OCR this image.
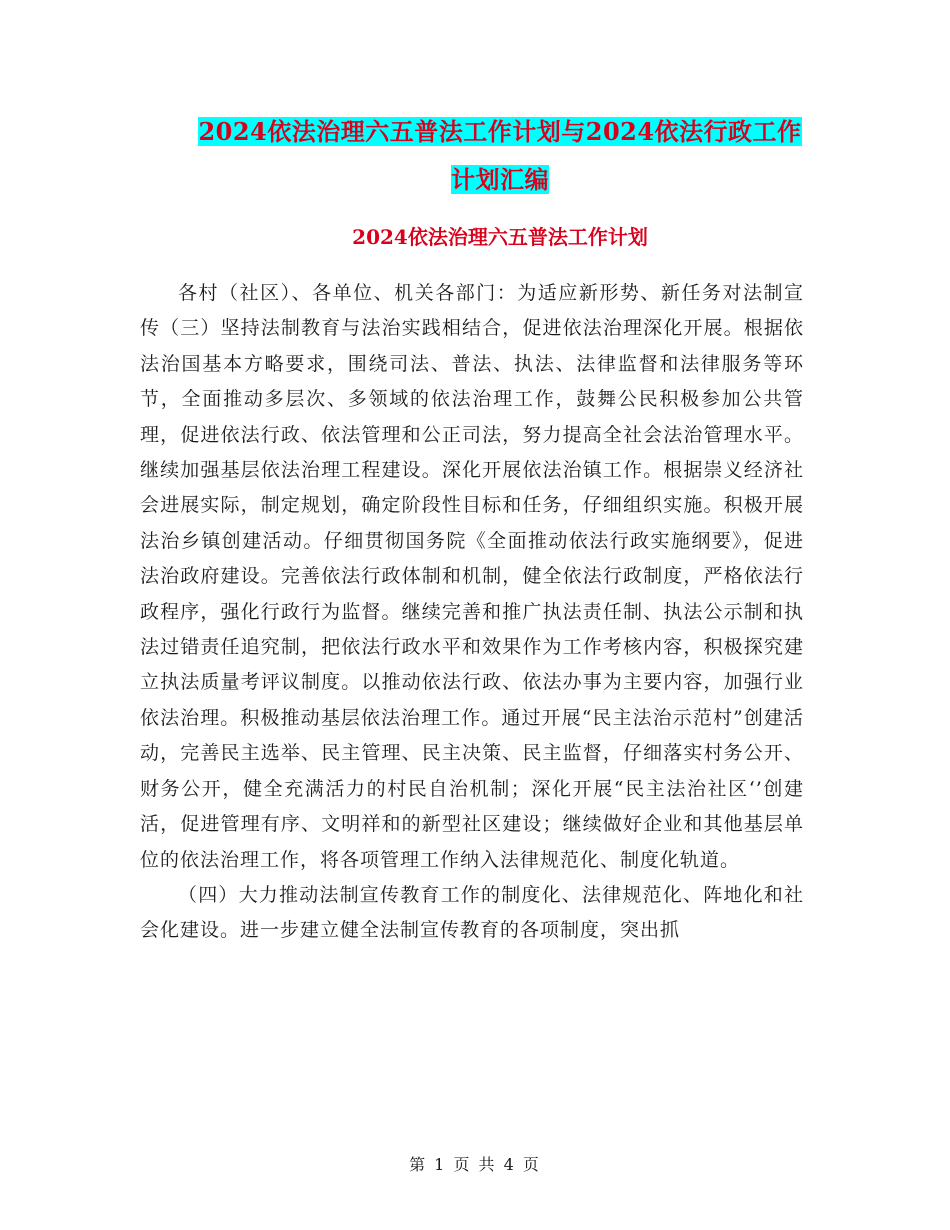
2024依法治理六五普法工作计划与2024依法行政工作
计划汇编
2024依法治理六五普法工作计划

各村（社区）、各单位、机关各部门：为适应新形势、新任务对法制宣传（三）坚持法制教育与法治实践相结合，促进依法治理深化开展。根据依法治国基本方略要求，围绕司法、普法、执法、法律监督和法律服务等环节，全面推动多层次、多领域的依法治理工作，鼓舞公民积极参加公共管理，促进依法行政、依法管理和公正司法，努力提高全社会法治管理水平。继续加强基层依法治理工程建设。深化开展依法治镇工作。根据崇义经济社会进展实际，制定规划，确定阶段性目标和任务，仔细组织实施。积极开展法治乡镇创建活动。仔细贯彻国务院《全面推动依法行政实施纲要》，促进法治政府建设。完善依法行政体制和机制，健全依法行政制度，严格依法行政程序，强化行政行为监督。继续完善和推广执法责任制、执法公示制和执法过错责任追究制，把依法行政水平和效果作为工作考核内容，积极探究建立执法质量考评议制度。以推动依法行政、依法办事为主要内容，加强行业依法治理。积极推动基层依法治理工作。通过开展“民主法治示范村”创建活动，完善民主选举、民主管理、民主决策、民主监督，仔细落实村务公开、财务公开，健全充满活力的村民自治机制；深化开展“民主法治社区‘’创建活，促进管理有序、文明祥和的新型社区建设；继续做好企业和其他基层单位的依法治理工作，将各项管理工作纳入法律规范化、制度化轨道。

（四）大力推动法制宣传教育工作的制度化、法律规范化、阵地化和社会化建设。进一步建立健全法制宣传教育的各项制度，突出抓

第 1 页 共 4 页
